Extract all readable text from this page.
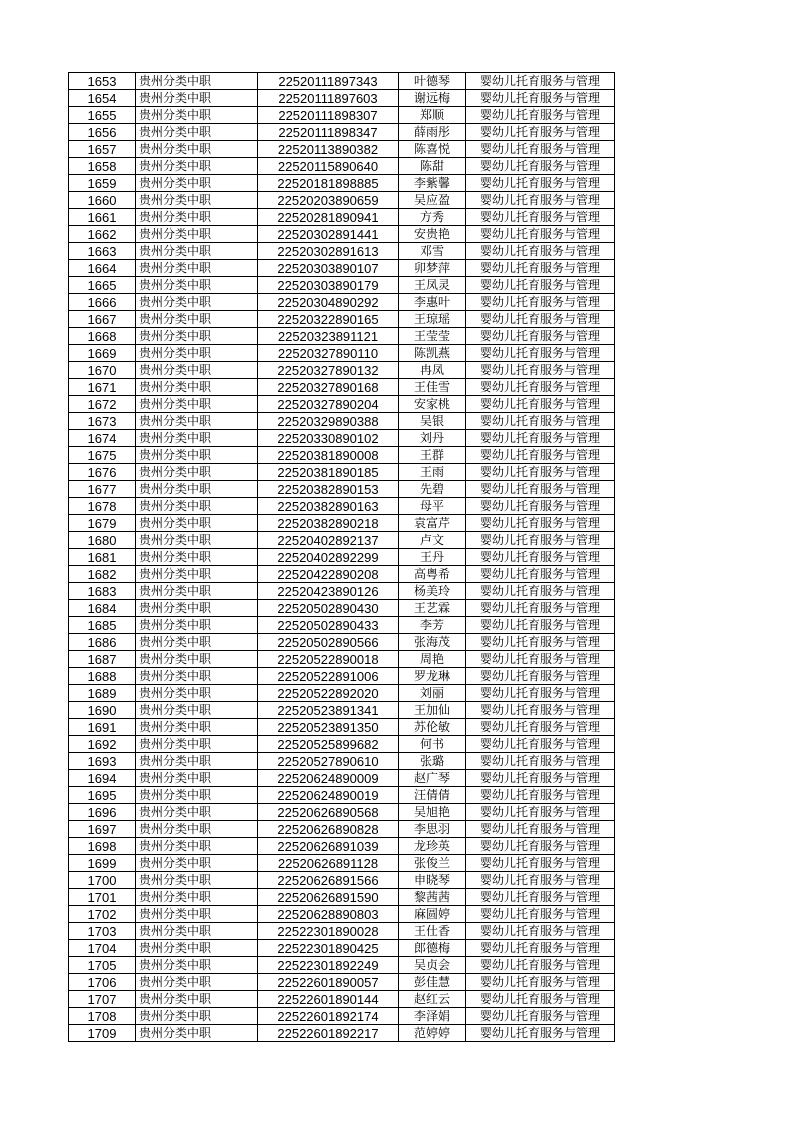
1653	贵州分类中职	22520111897343	叶德琴	婴幼儿托育服务与管理
1654	贵州分类中职	22520111897603	谢远梅	婴幼儿托育服务与管理
1655	贵州分类中职	22520111898307	郑顺	婴幼儿托育服务与管理
1656	贵州分类中职	22520111898347	薛雨彤	婴幼儿托育服务与管理
1657	贵州分类中职	22520113890382	陈喜悦	婴幼儿托育服务与管理
1658	贵州分类中职	22520115890640	陈甜	婴幼儿托育服务与管理
1659	贵州分类中职	22520181898885	李紫馨	婴幼儿托育服务与管理
1660	贵州分类中职	22520203890659	吴应盈	婴幼儿托育服务与管理
1661	贵州分类中职	22520281890941	方秀	婴幼儿托育服务与管理
1662	贵州分类中职	22520302891441	安贵艳	婴幼儿托育服务与管理
1663	贵州分类中职	22520302891613	邓雪	婴幼儿托育服务与管理
1664	贵州分类中职	22520303890107	卯梦萍	婴幼儿托育服务与管理
1665	贵州分类中职	22520303890179	王凤灵	婴幼儿托育服务与管理
1666	贵州分类中职	22520304890292	李惠叶	婴幼儿托育服务与管理
1667	贵州分类中职	22520322890165	王琼瑶	婴幼儿托育服务与管理
1668	贵州分类中职	22520323891121	王莹莹	婴幼儿托育服务与管理
1669	贵州分类中职	22520327890110	陈凯燕	婴幼儿托育服务与管理
1670	贵州分类中职	22520327890132	冉凤	婴幼儿托育服务与管理
1671	贵州分类中职	22520327890168	王佳雪	婴幼儿托育服务与管理
1672	贵州分类中职	22520327890204	安家桃	婴幼儿托育服务与管理
1673	贵州分类中职	22520329890388	吴银	婴幼儿托育服务与管理
1674	贵州分类中职	22520330890102	刘丹	婴幼儿托育服务与管理
1675	贵州分类中职	22520381890008	王群	婴幼儿托育服务与管理
1676	贵州分类中职	22520381890185	王雨	婴幼儿托育服务与管理
1677	贵州分类中职	22520382890153	先碧	婴幼儿托育服务与管理
1678	贵州分类中职	22520382890163	母平	婴幼儿托育服务与管理
1679	贵州分类中职	22520382890218	袁富芹	婴幼儿托育服务与管理
1680	贵州分类中职	22520402892137	卢文	婴幼儿托育服务与管理
1681	贵州分类中职	22520402892299	王丹	婴幼儿托育服务与管理
1682	贵州分类中职	22520422890208	高粤希	婴幼儿托育服务与管理
1683	贵州分类中职	22520423890126	杨美玲	婴幼儿托育服务与管理
1684	贵州分类中职	22520502890430	王艺霖	婴幼儿托育服务与管理
1685	贵州分类中职	22520502890433	李芳	婴幼儿托育服务与管理
1686	贵州分类中职	22520502890566	张海茂	婴幼儿托育服务与管理
1687	贵州分类中职	22520522890018	周艳	婴幼儿托育服务与管理
1688	贵州分类中职	22520522891006	罗龙琳	婴幼儿托育服务与管理
1689	贵州分类中职	22520522892020	刘丽	婴幼儿托育服务与管理
1690	贵州分类中职	22520523891341	王加仙	婴幼儿托育服务与管理
1691	贵州分类中职	22520523891350	苏伦敏	婴幼儿托育服务与管理
1692	贵州分类中职	22520525899682	何书	婴幼儿托育服务与管理
1693	贵州分类中职	22520527890610	张璐	婴幼儿托育服务与管理
1694	贵州分类中职	22520624890009	赵广琴	婴幼儿托育服务与管理
1695	贵州分类中职	22520624890019	汪倩倩	婴幼儿托育服务与管理
1696	贵州分类中职	22520626890568	吴旭艳	婴幼儿托育服务与管理
1697	贵州分类中职	22520626890828	李思羽	婴幼儿托育服务与管理
1698	贵州分类中职	22520626891039	龙珍英	婴幼儿托育服务与管理
1699	贵州分类中职	22520626891128	张俊兰	婴幼儿托育服务与管理
1700	贵州分类中职	22520626891566	申晓琴	婴幼儿托育服务与管理
1701	贵州分类中职	22520626891590	黎茜茜	婴幼儿托育服务与管理
1702	贵州分类中职	22520628890803	麻圆婷	婴幼儿托育服务与管理
1703	贵州分类中职	22522301890028	王仕香	婴幼儿托育服务与管理
1704	贵州分类中职	22522301890425	郎德梅	婴幼儿托育服务与管理
1705	贵州分类中职	22522301892249	吴贞会	婴幼儿托育服务与管理
1706	贵州分类中职	22522601890057	彭佳慧	婴幼儿托育服务与管理
1707	贵州分类中职	22522601890144	赵红云	婴幼儿托育服务与管理
1708	贵州分类中职	22522601892174	李泽娟	婴幼儿托育服务与管理
1709	贵州分类中职	22522601892217	范婷婷	婴幼儿托育服务与管理
